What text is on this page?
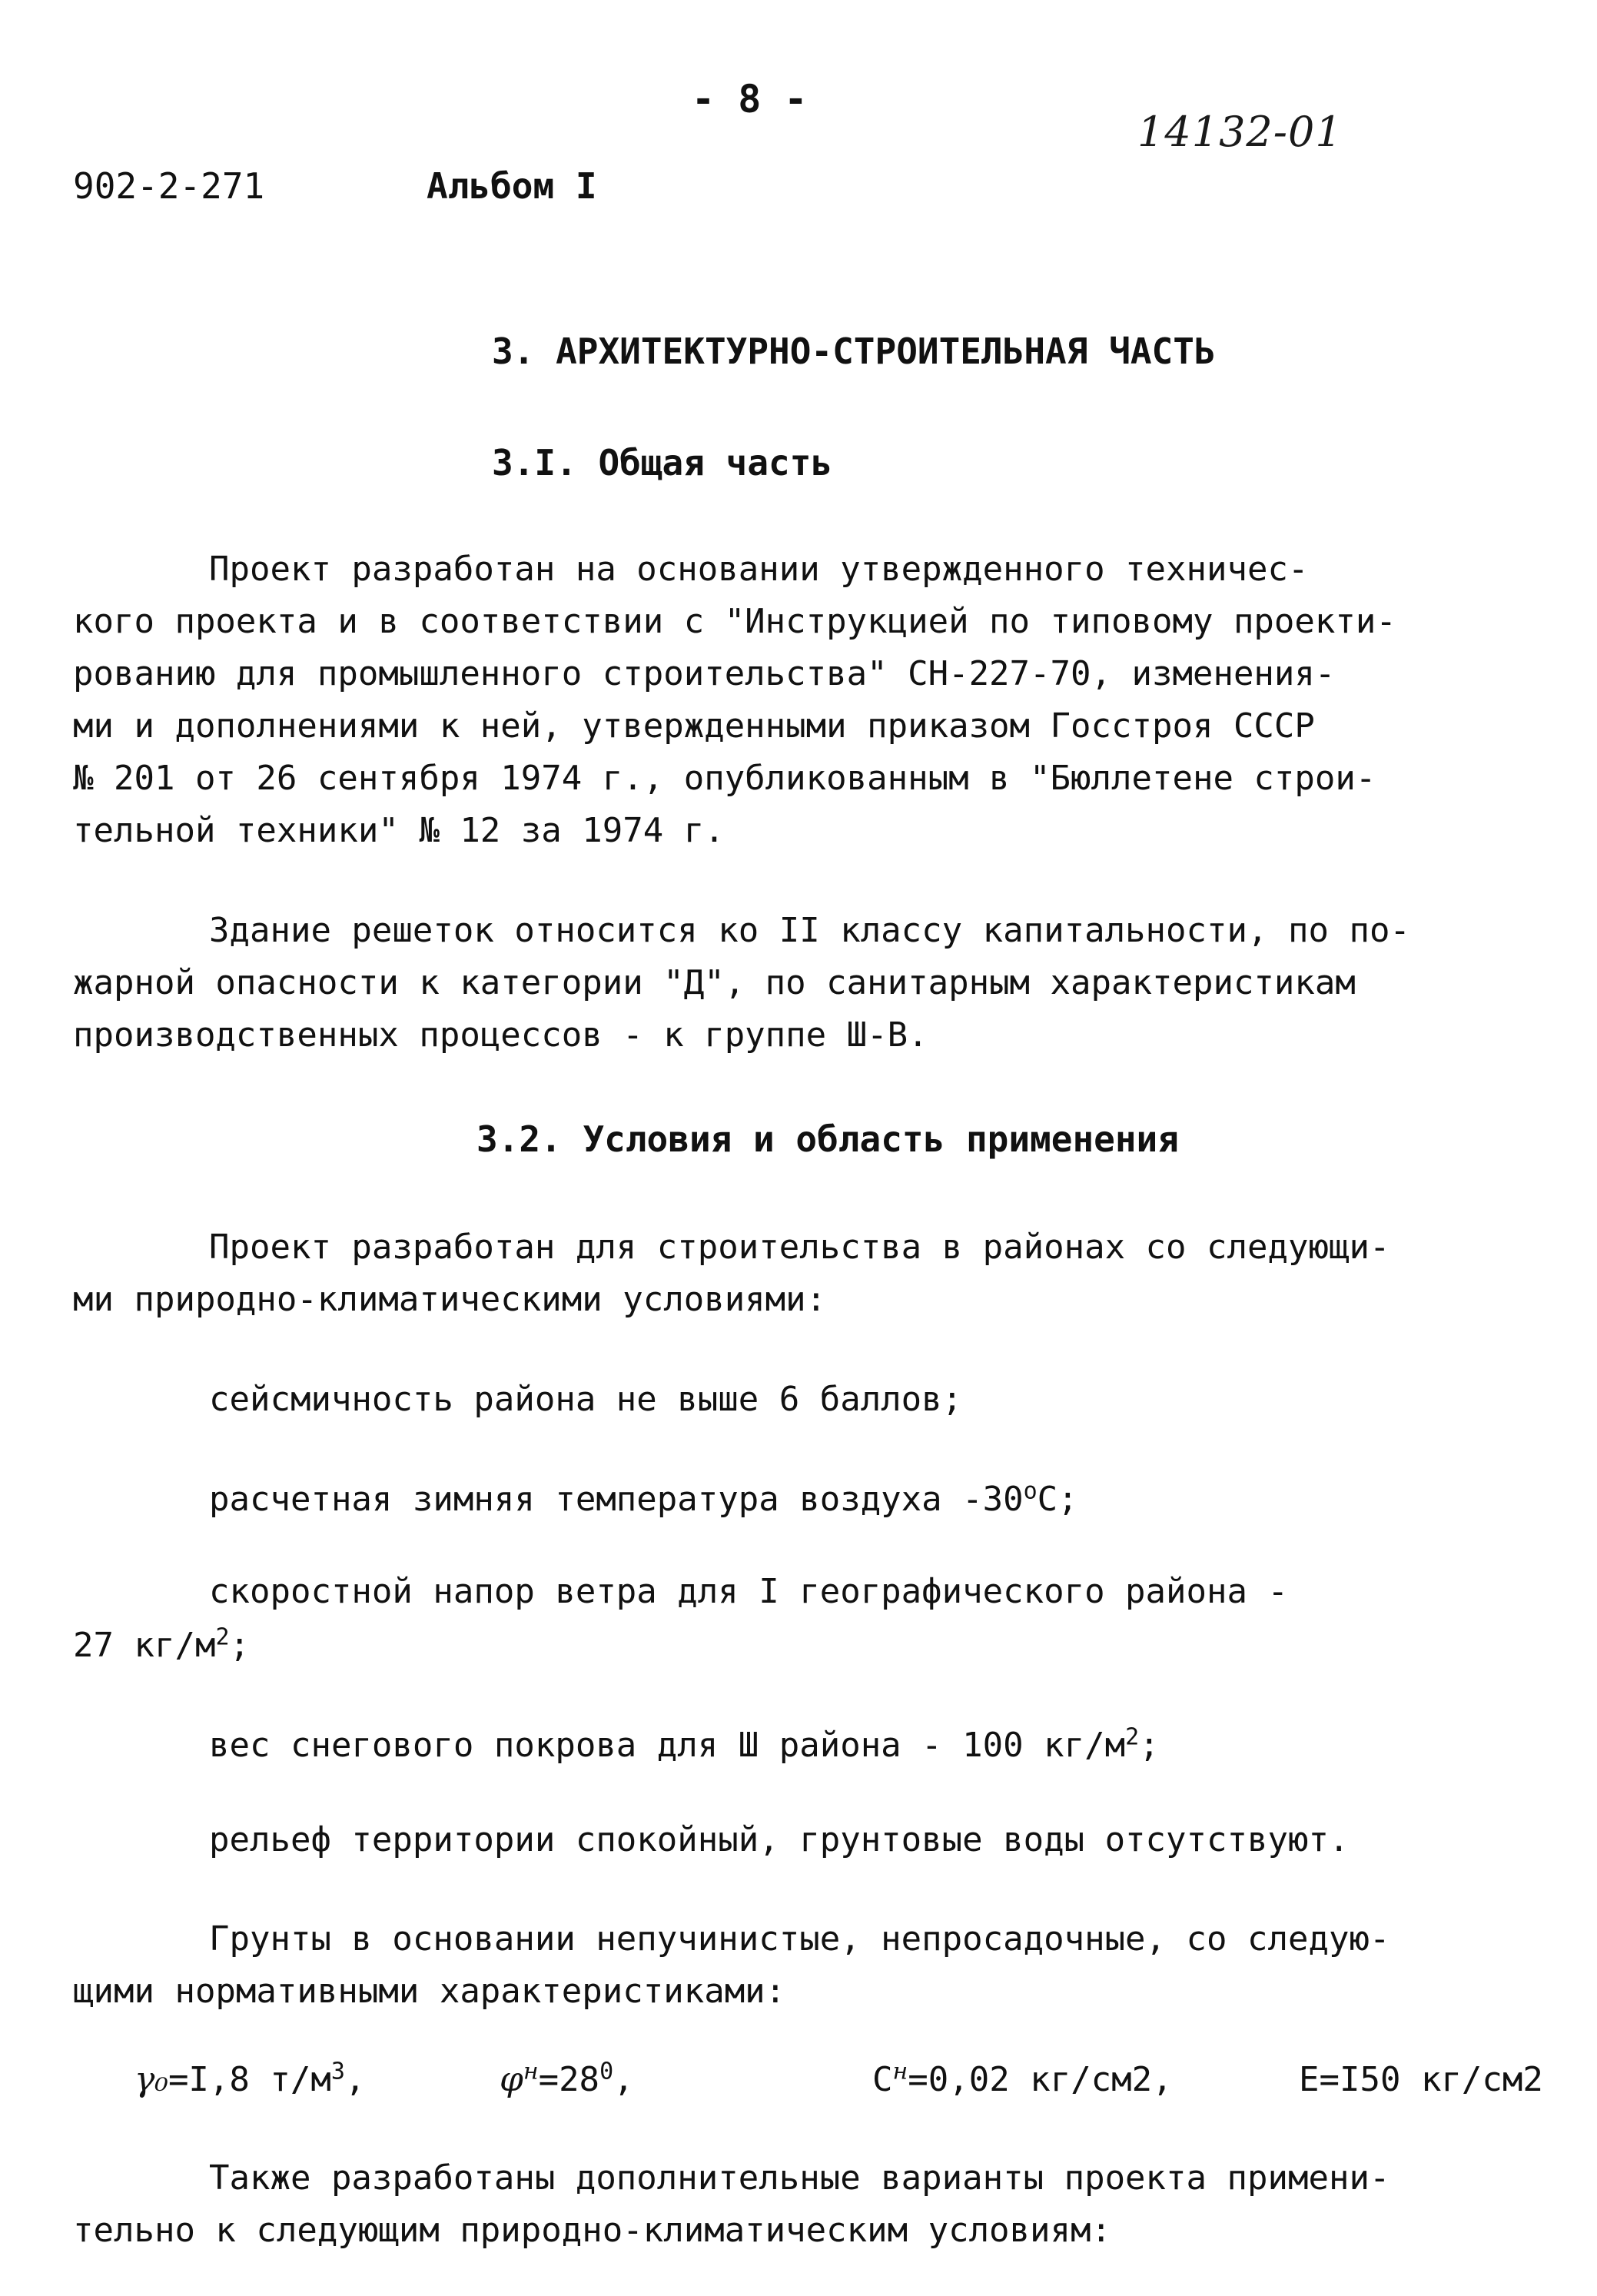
- 8 -
14132-01
902-2-271	Альбом I
3. АРХИТЕКТУРНО-СТРОИТЕЛЬНАЯ ЧАСТЬ
3.I. Общая часть
Проект разработан на основании утвержденного техничес-
кого проекта и в соответствии с "Инструкцией по типовому проекти-
рованию для промышленного строительства" СН-227-70, изменения-
ми и дополнениями к ней, утвержденными приказом Госстроя СССР
№ 201 от 26 сентября 1974 г., опубликованным в "Бюллетене строи-
тельной техники" № 12 за 1974 г.
Здание решеток относится ко II классу капитальности, по по-
жарной опасности к категории "Д", по санитарным характеристикам
производственных процессов - к группе Ш-В.
3.2. Условия и область применения
Проект разработан для строительства в районах со следующи-
ми природно-климатическими условиями:
сейсмичность района не выше 6 баллов;
расчетная зимняя температура воздуха $-30^оС$;
скоростной напор ветра для I географического района -
27 $кг/м^2$;
вес снегового покрова для Ш района - 100 $кг/м^2$;
рельеф территории спокойный, грунтовые воды отсутствуют.
Грунты в основании непучинистые, непросадочные, со следую-
щими нормативными характеристиками:
γ₀=I,8 $т/м^3$,	$\varphi^н=28^0$,	$С^н=0,02$ кг/см2,	Е=I50 кг/см2
Также разработаны дополнительные варианты проекта примени-
тельно к следующим природно-климатическим условиям:
